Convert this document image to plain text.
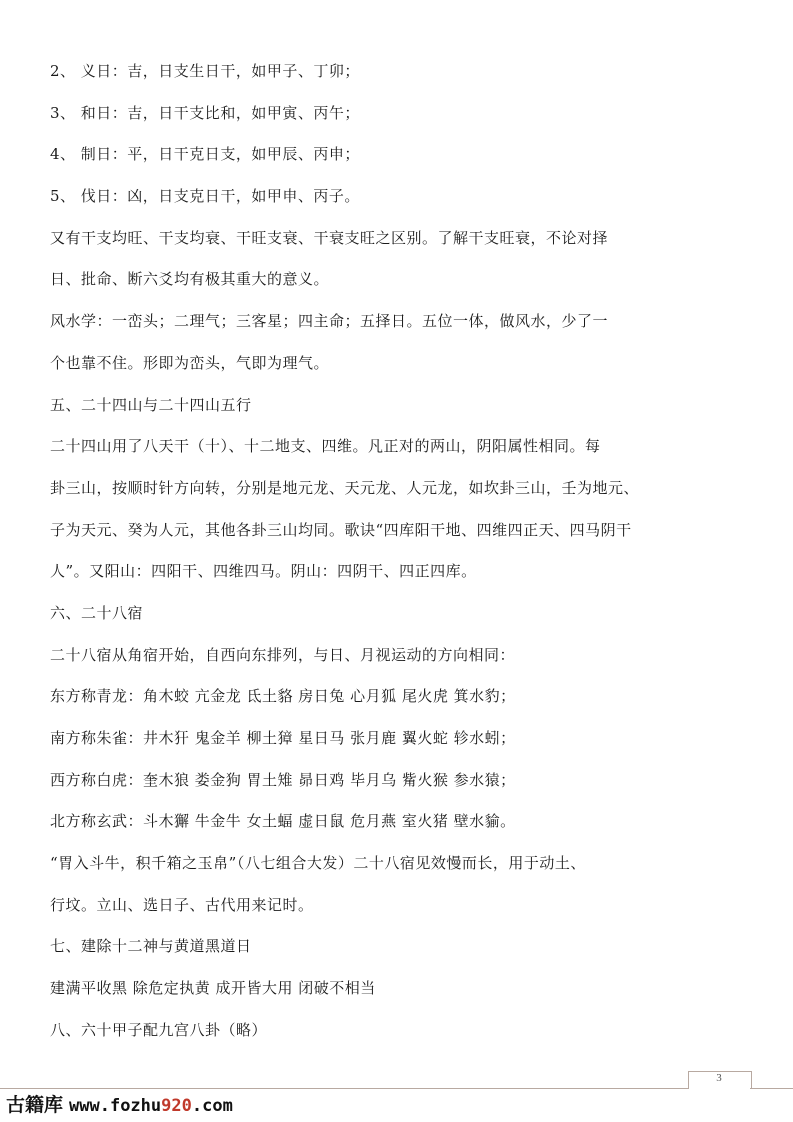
2、 义日：吉，日支生日干，如甲子、丁卯；
3、 和日：吉，日干支比和，如甲寅、丙午；
4、 制日：平，日干克日支，如甲辰、丙申；
5、 伐日：凶，日支克日干，如甲申、丙子。
又有干支均旺、干支均衰、干旺支衰、干衰支旺之区别。了解干支旺衰，不论对择
日、批命、断六爻均有极其重大的意义。
风水学：一峦头；二理气；三客星；四主命；五择日。五位一体，做风水，少了一
个也靠不住。形即为峦头，气即为理气。
五、二十四山与二十四山五行
二十四山用了八天干（十）、十二地支、四维。凡正对的两山，阴阳属性相同。每
卦三山，按顺时针方向转，分别是地元龙、天元龙、人元龙，如坎卦三山，壬为地元、
子为天元、癸为人元，其他各卦三山均同。歌诀“四库阳干地、四维四正天、四马阴干
人”。又阳山：四阳干、四维四马。阴山：四阴干、四正四库。
六、二十八宿
二十八宿从角宿开始，自西向东排列，与日、月视运动的方向相同：
东方称青龙：角木蛟 亢金龙 氐土貉 房日兔 心月狐 尾火虎 箕水豹；
南方称朱雀：井木犴 鬼金羊 柳土獐 星日马 张月鹿 翼火蛇 轸水蚓；
西方称白虎：奎木狼 娄金狗 胃土雉 昴日鸡 毕月乌 觜火猴 参水猿；
北方称玄武：斗木獬 牛金牛 女土蝠 虚日鼠 危月燕 室火猪 壁水貐。
“胃入斗牛，积千箱之玉帛”（八七组合大发）二十八宿见效慢而长，用于动土、
行坟。立山、选日子、古代用来记时。
七、建除十二神与黄道黑道日
建满平收黑 除危定执黄 成开皆大用 闭破不相当
八、六十甲子配九宫八卦（略）
3
古籍库 www.fozhu920.com
